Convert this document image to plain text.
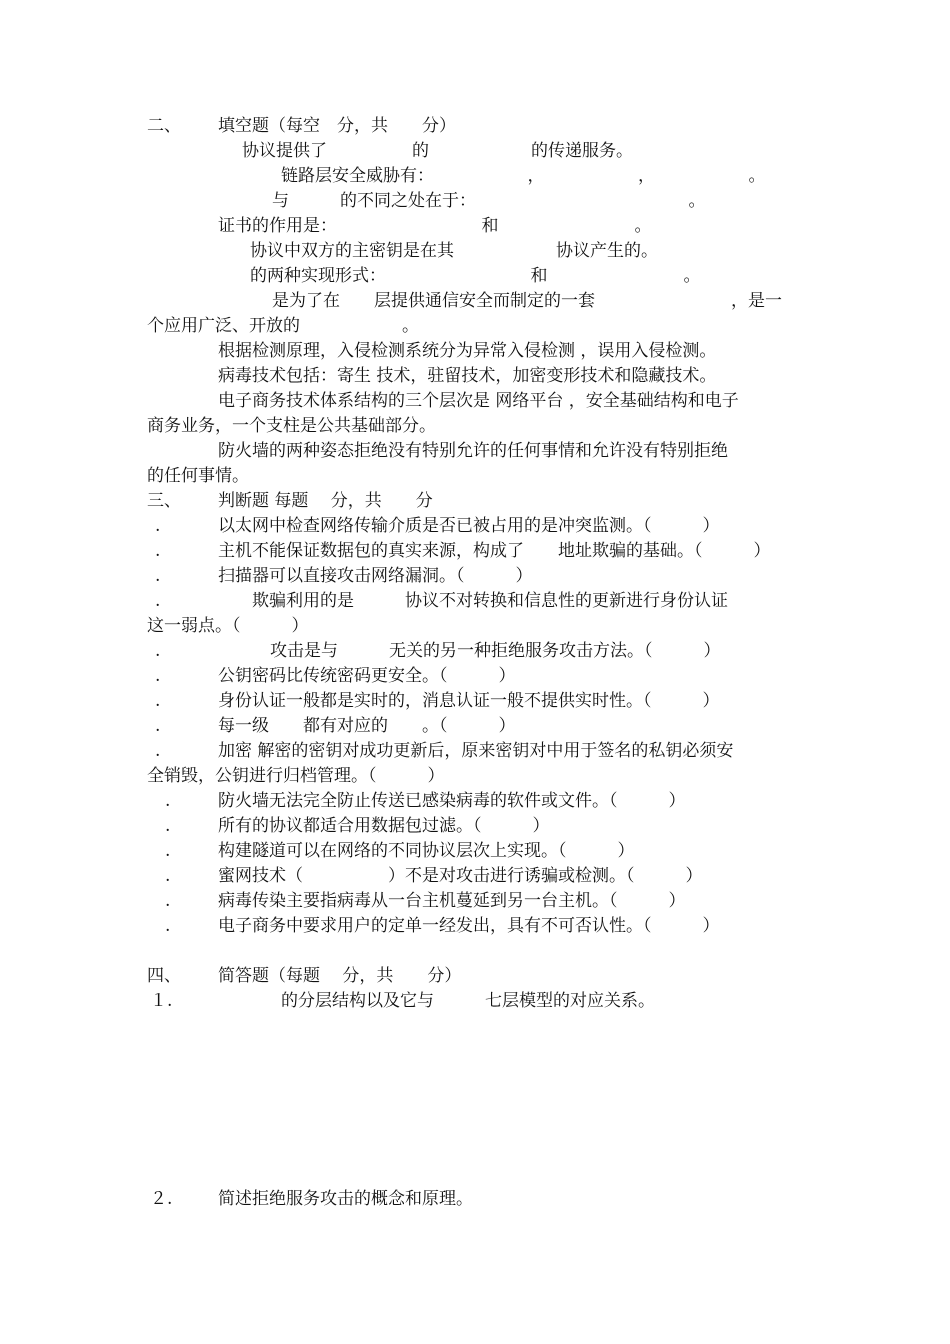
二、 填空题（每空　分，共　　分）
协议提供了　　　　　的　　　　　　的传递服务。
链路层安全威胁有：　　　　　　，　　　　　　，　　　　　　。
与　　　的不同之处在于：　　　　　　　　　　　　　。
证书的作用是：　　　　　　　　　和　　　　　　　　。
协议中双方的主密钥是在其　　　　　　协议产生的。
的两种实现形式：　　　　　　　　　和　　　　　　　　。
是为了在　　层提供通信安全而制定的一套　　　　　　　　，是一
个应用广泛、开放的　　　　　　。
根据检测原理，入侵检测系统分为异常入侵检测 ，误用入侵检测。
病毒技术包括：寄生 技术，驻留技术，加密变形技术和隐藏技术。
电子商务技术体系结构的三个层次是 网络平台 ，安全基础结构和电子
商务业务，一个支柱是公共基础部分。
防火墙的两种姿态拒绝没有特别允许的任何事情和允许没有特别拒绝
的任何事情。
三、 判断题 每题　 分，共　　分
.	以太网中检查网络传输介质是否已被占用的是冲突监测。（　　　）
.	主机不能保证数据包的真实来源，构成了　　地址欺骗的基础。（　　　）
.	扫描器可以直接攻击网络漏洞。（　　　）
.	欺骗利用的是　　　协议不对转换和信息性的更新进行身份认证
这一弱点。（　　　）
.	攻击是与　　　无关的另一种拒绝服务攻击方法。（　　　）
.	公钥密码比传统密码更安全。（　　　）
.	身份认证一般都是实时的，消息认证一般不提供实时性。（　　　）
.	每一级　　都有对应的　　。（　　　）
.	加密 解密的密钥对成功更新后，原来密钥对中用于签名的私钥必须安
全销毁，公钥进行归档管理。（　　　）
.	防火墙无法完全防止传送已感染病毒的软件或文件。（　　　）
.	所有的协议都适合用数据包过滤。（　　　）
.	构建隧道可以在网络的不同协议层次上实现。（　　　）
.	蜜网技术（　　　　　）不是对攻击进行诱骗或检测。（　　　）
.	病毒传染主要指病毒从一台主机蔓延到另一台主机。（　　　）
.	电子商务中要求用户的定单一经发出，具有不可否认性。（　　　）
四、 简答题（每题　 分，共　　分）
１.	的分层结构以及它与　　　七层模型的对应关系。
２.	简述拒绝服务攻击的概念和原理。
